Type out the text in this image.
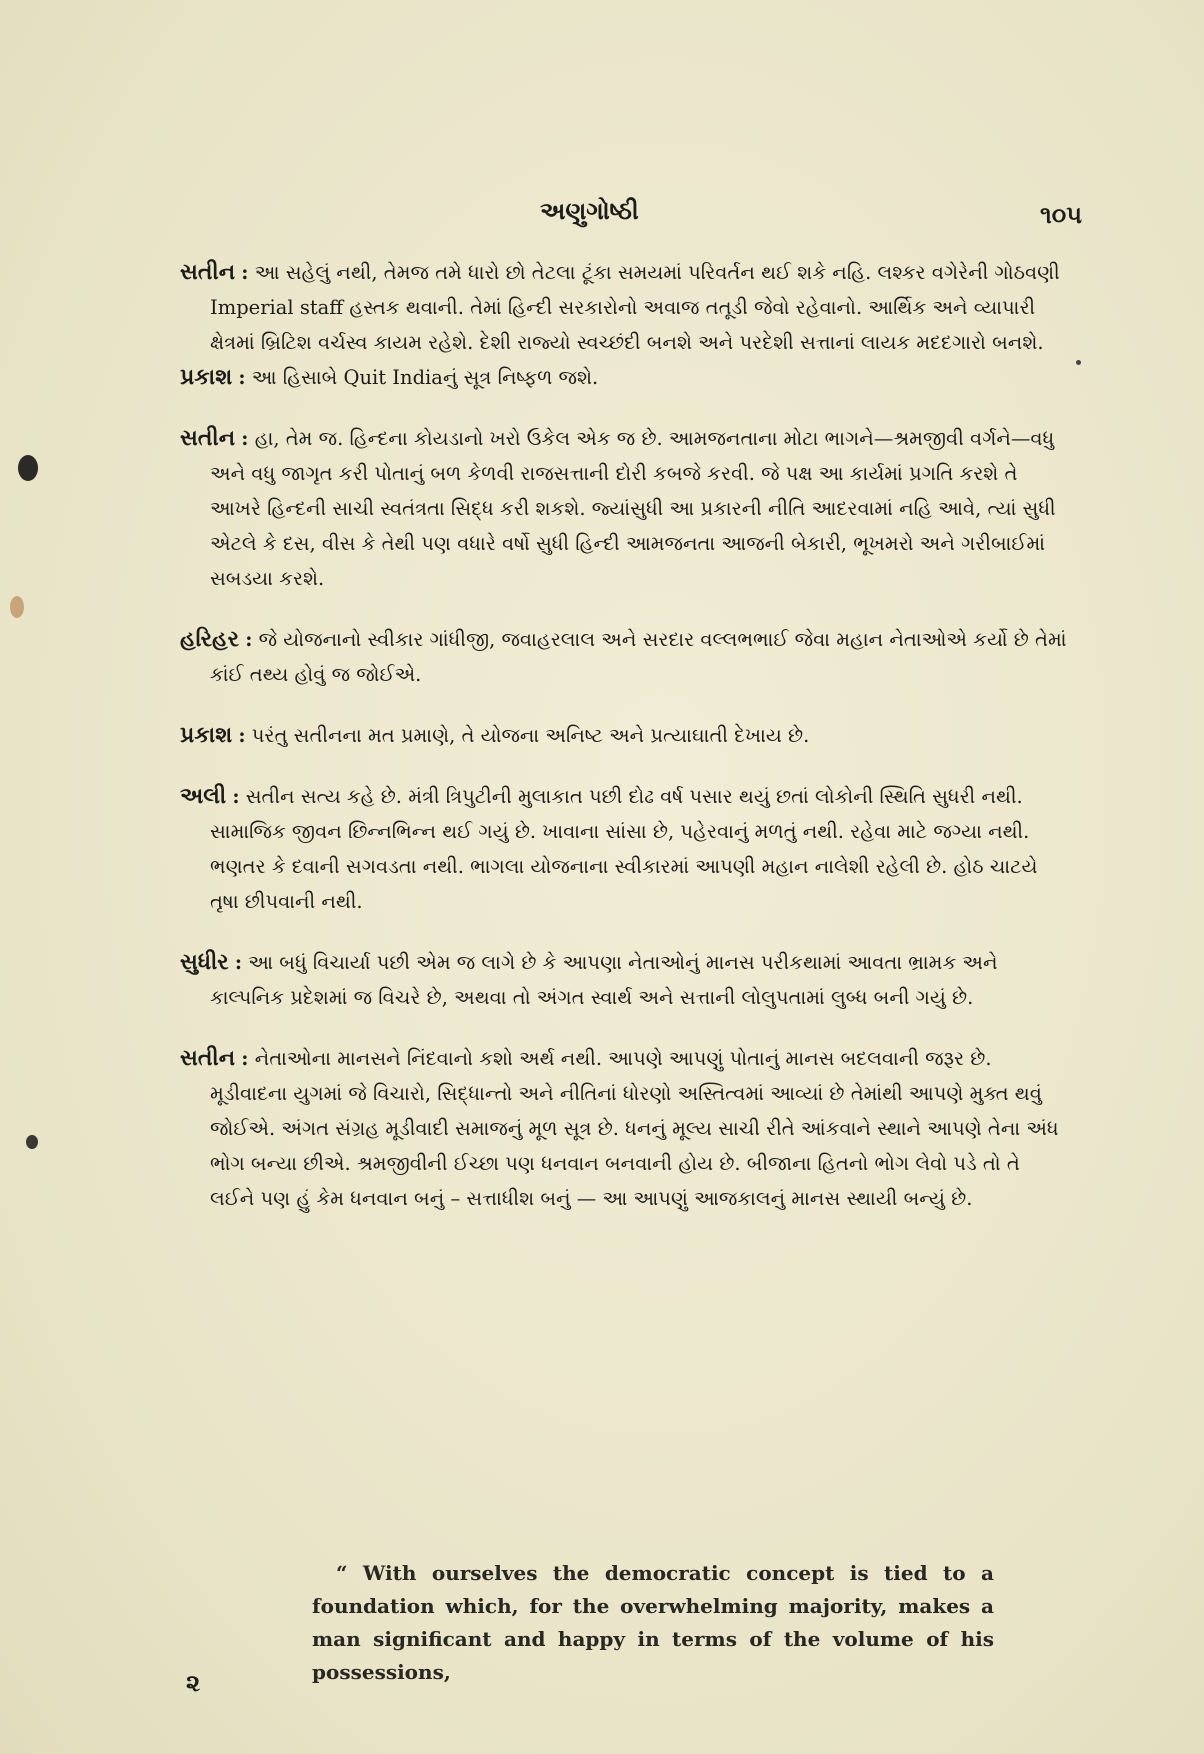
અણુગોષ્ઠી	૧૦૫

સતીન : આ સહેલું નથી, તેમજ તમે ધારો છો તેટલા ટૂંકા સમયમાં પરિવર્તન થઈ શકે નહિ. લશ્કર વગેરેની ગોઠવણી Imperial staff હસ્તક થવાની. તેમાં હિન્દી સરકારોનો અવાજ તતૂડી જેવો રહેવાનો. આર્થિક અને વ્યાપારી ક્ષેત્રમાં બ્રિટિશ વર્ચસ્વ કાયમ રહેશે. દેશી રાજ્યો સ્વચ્છંદી બનશે અને પરદેશી સત્તાનાં લાયક મદદગારો બનશે.

પ્રકાશ : આ હિસાબે Quit Indiaનું સૂત્ર નિષ્ફળ જશે.

સતીન : હા, તેમ જ. હિન્દના કોયડાનો ખરો ઉકેલ એક જ છે. આમજનતાના મોટા ભાગને—શ્રમજીવી વર્ગને—વધુ અને વધુ જાગૃત કરી પોતાનું બળ કેળવી રાજસત્તાની દોરી કબજે કરવી. જે પક્ષ આ કાર્યમાં પ્રગતિ કરશે તે આખરે હિન્દની સાચી સ્વતંત્રતા સિદ્ધ કરી શકશે. જ્યાંસુધી આ પ્રકારની નીતિ આદરવામાં નહિ આવે, ત્યાં સુધી એટલે કે દસ, વીસ કે તેથી પણ વધારે વર્ષો સુધી હિન્દી આમજનતા આજની બેકારી, ભૂખમરો અને ગરીબાઈમાં સબડયા કરશે.

હરિહર : જે યોજનાનો સ્વીકાર ગાંધીજી, જવાહરલાલ અને સરદાર વલ્લભભાઈ જેવા મહાન નેતાઓએ કર્યો છે તેમાં કાંઈ તથ્ય હોવું જ જોઈએ.

પ્રકાશ : પરંતુ સતીનના મત પ્રમાણે, તે યોજના અનિષ્ટ અને પ્રત્યાઘાતી દેખાય છે.

અલી : સતીન સત્ય કહે છે. મંત્રી ત્રિપુટીની મુલાકાત પછી દોઢ વર્ષ પસાર થયું છતાં લોકોની સ્થિતિ સુધરી નથી. સામાજિક જીવન છિન્નભિન્ન થઈ ગયું છે. ખાવાના સાંસા છે, પહેરવાનું મળતું નથી. રહેવા માટે જગ્યા નથી. ભણતર કે દવાની સગવડતા નથી. ભાગલા યોજનાના સ્વીકારમાં આપણી મહાન નાલેશી રહેલી છે. હોઠ ચાટયે તૃષા છીપવાની નથી.

સુધીર : આ બધું વિચાર્યા પછી એમ જ લાગે છે કે આપણા નેતાઓનું માનસ પરીકથામાં આવતા ભ્રામક અને કાલ્પનિક પ્રદેશમાં જ વિચરે છે, અથવા તો અંગત સ્વાર્થ અને સત્તાની લોલુપતામાં લુબ્ધ બની ગયું છે.

સતીન : નેતાઓના માનસને નિંદવાનો કશો અર્થ નથી. આપણે આપણું પોતાનું માનસ બદલવાની જરૂર છે. મૂડીવાદના યુગમાં જે વિચારો, સિદ્ધાન્તો અને નીતિનાં ધોરણો અસ્તિત્વમાં આવ્યાં છે તેમાંથી આપણે મુક્ત થવું જોઈએ. અંગત સંગ્રહ મૂડીવાદી સમાજનું મૂળ સૂત્ર છે. ધનનું મૂલ્ય સાચી રીતે આંકવાને સ્થાને આપણે તેના અંધ ભોગ બન્યા છીએ. શ્રમજીવીની ઈચ્છા પણ ધનવાન બનવાની હોય છે. બીજાના હિતનો ભોગ લેવો પડે તો તે લઈને પણ હું કેમ ધનવાન બનું – સત્તાધીશ બનું — આ આપણું આજકાલનું માનસ સ્થાયી બન્યું છે.

“ With ourselves the democratic concept is tied to a foundation which, for the overwhelming majority, makes a man significant and happy in terms of the volume of his possessions,

૨
